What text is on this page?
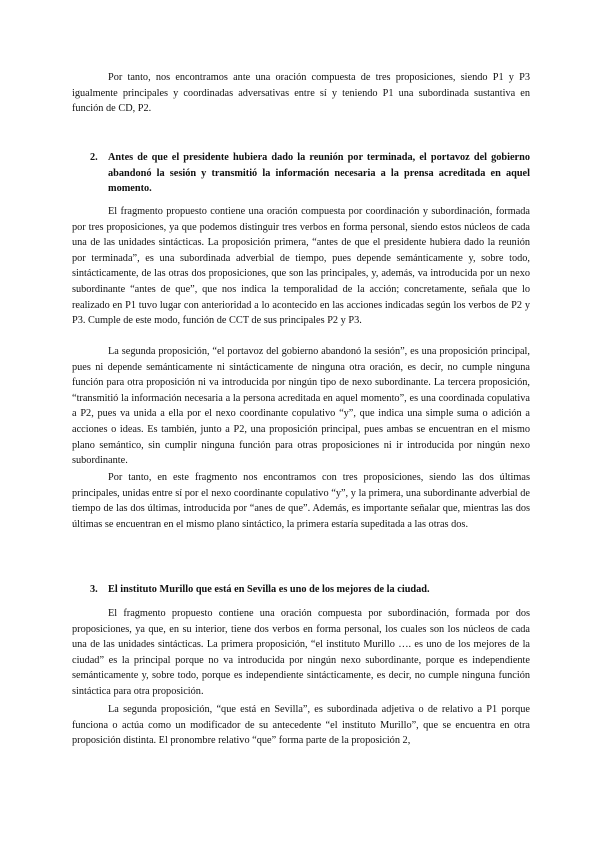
Por tanto, nos encontramos ante una oración compuesta de tres proposiciones, siendo P1 y P3 igualmente principales y coordinadas adversativas entre sí y teniendo P1 una subordinada sustantiva en función de CD, P2.

2. Antes de que el presidente hubiera dado la reunión por terminada, el portavoz del gobierno abandonó la sesión y transmitió la información necesaria a la prensa acreditada en aquel momento.

El fragmento propuesto contiene una oración compuesta por coordinación y subordinación, formada por tres proposiciones, ya que podemos distinguir tres verbos en forma personal, siendo estos núcleos de cada una de las unidades sintácticas. La proposición primera, “antes de que el presidente hubiera dado la reunión por terminada”, es una subordinada adverbial de tiempo, pues depende semánticamente y, sobre todo, sintácticamente, de las otras dos proposiciones, que son las principales, y, además, va introducida por un nexo subordinante “antes de que”, que nos indica la temporalidad de la acción; concretamente, señala que lo realizado en P1 tuvo lugar con anterioridad a lo acontecido en las acciones indicadas según los verbos de P2 y P3. Cumple de este modo, función de CCT de sus principales P2 y P3.

La segunda proposición, “el portavoz del gobierno abandonó la sesión”, es una proposición principal, pues ni depende semánticamente ni sintácticamente de ninguna otra oración, es decir, no cumple ninguna función para otra proposición ni va introducida por ningún tipo de nexo subordinante. La tercera proposición, “transmitió la información necesaria a la persona acreditada en aquel momento”, es una coordinada copulativa a P2, pues va unida a ella por el nexo coordinante copulativo “y”, que indica una simple suma o adición a acciones o ideas. Es también, junto a P2, una proposición principal, pues ambas se encuentran en el mismo plano semántico, sin cumplir ninguna función para otras proposiciones ni ir introducida por ningún nexo subordinante.

Por tanto, en este fragmento nos encontramos con tres proposiciones, siendo las dos últimas principales, unidas entre sí por el nexo coordinante copulativo “y”, y la primera, una subordinante adverbial de tiempo de las dos últimas, introducida por “anes de que”. Además, es importante señalar que, mientras las dos últimas se encuentran en el mismo plano sintáctico, la primera estaría supeditada a las otras dos.

3. El instituto Murillo que está en Sevilla es uno de los mejores de la ciudad.

El fragmento propuesto contiene una oración compuesta por subordinación, formada por dos proposiciones, ya que, en su interior, tiene dos verbos en forma personal, los cuales son los núcleos de cada una de las unidades sintácticas. La primera proposición, “el instituto Murillo …. es uno de los mejores de la ciudad” es la principal porque no va introducida por ningún nexo subordinante, porque es independiente semánticamente y, sobre todo, porque es independiente sintácticamente, es decir, no cumple ninguna función sintáctica para otra proposición.

La segunda proposición, “que está en Sevilla”, es subordinada adjetiva o de relativo a P1 porque funciona o actúa como un modificador de su antecedente “el instituto Murillo”, que se encuentra en otra proposición distinta. El pronombre relativo “que” forma parte de la proposición 2,
